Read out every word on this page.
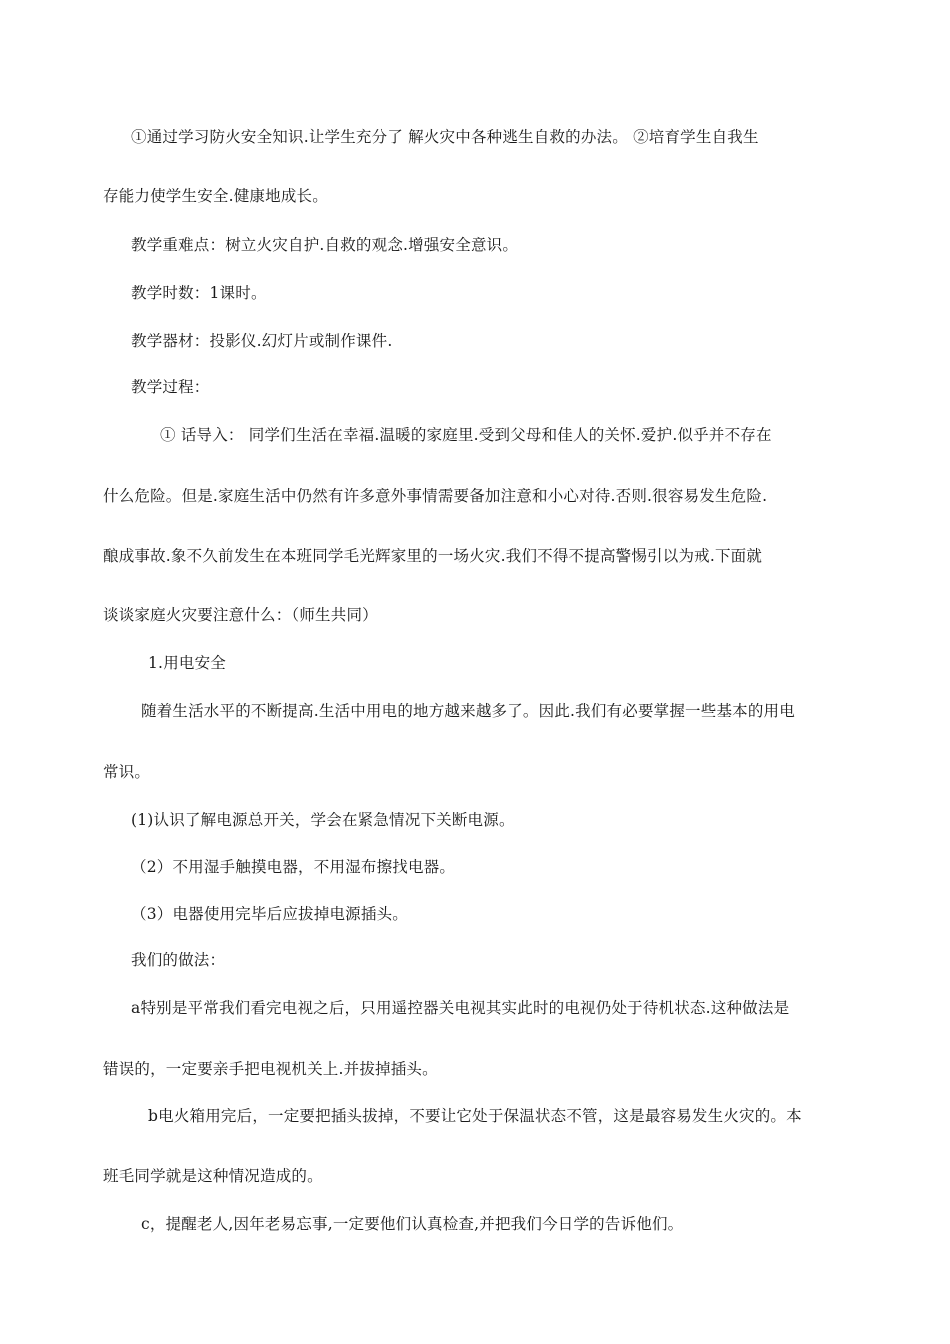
①通过学习防火安全知识.让学生充分了 解火灾中各种逃生自救的办法。 ②培育学生自我生
存能力使学生安全.健康地成长。
教学重难点：树立火灾自护.自救的观念.增强安全意识。
教学时数：1课时。
教学器材：投影仪.幻灯片或制作课件.
教学过程：
① 话导入： 同学们生活在幸福.温暖的家庭里.受到父母和佳人的关怀.爱护.似乎并不存在
什么危险。但是.家庭生活中仍然有许多意外事情需要备加注意和小心对待.否则.很容易发生危险.
酿成事故.象不久前发生在本班同学毛光辉家里的一场火灾.我们不得不提高警惕引以为戒.下面就
谈谈家庭火灾要注意什么：（师生共同）
1.用电安全
随着生活水平的不断提高.生活中用电的地方越来越多了。因此.我们有必要掌握一些基本的用电
常识。
(1)认识了解电源总开关，学会在紧急情况下关断电源。
（2）不用湿手触摸电器，不用湿布擦找电器。
（3）电器使用完毕后应拔掉电源插头。
我们的做法：
a特别是平常我们看完电视之后，只用遥控器关电视其实此时的电视仍处于待机状态.这种做法是
错误的，一定要亲手把电视机关上.并拔掉插头。
b电火箱用完后，一定要把插头拔掉，不要让它处于保温状态不管，这是最容易发生火灾的。本
班毛同学就是这种情况造成的。
c，提醒老人,因年老易忘事,一定要他们认真检查,并把我们今日学的告诉他们。
